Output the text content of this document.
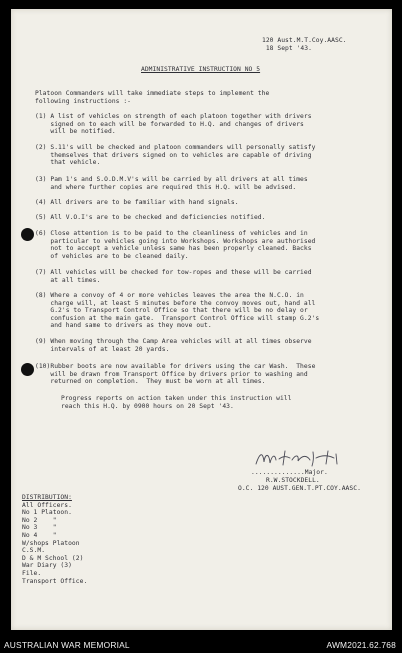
120 Aust.M.T.Coy.AASC.
18 Sept '43.
ADMINISTRATIVE INSTRUCTION NO 5
Platoon Commanders will take immediate steps to implement the
following instructions :-
(1) A list of vehicles on strength of each platoon together with drivers
signed on to each will be forwarded to H.Q. and changes of drivers
will be notified.
(2) S.11's will be checked and platoon commanders will personally satisfy
themselves that drivers signed on to vehicles are capable of driving
that vehicle.
(3) Pam 1's and S.O.D.M.V's will be carried by all drivers at all times
and where further copies are required this H.Q. will be advised.
(4) All drivers are to be familiar with hand signals.
(5) All V.O.I's are to be checked and deficiencies notified.
(6) Close attention is to be paid to the cleanliness of vehicles and in
particular to vehicles going into Workshops. Workshops are authorised
not to accept a vehicle unless same has been properly cleaned. Backs
of vehicles are to be cleaned daily.
(7) All vehicles will be checked for tow-ropes and these will be carried
at all times.
(8) Where a convoy of 4 or more vehicles leaves the area the N.C.O. in
charge will, at least 5 minutes before the convoy moves out, hand all
G.2's to Transport Control Office so that there will be no delay or
confusion at the main gate.  Transport Control Office will stamp G.2's
and hand same to drivers as they move out.
(9) When moving through the Camp Area vehicles will at all times observe
intervals of at least 20 yards.
(10)Rubber boots are now available for drivers using the car Wash.  These
will be drawn from Transport Office by drivers prior to washing and
returned on completion.  They must be worn at all times.
Progress reports on action taken under this instruction will
reach this H.Q. by 0900 hours on 20 Sept '43.
..............Major.
R.W.STOCKDELL.
O.C. 120 AUST.GEN.T.PT.COY.AASC.
DISTRIBUTION:
All Officers.
No 1 Platoon.
No 2    "
No 3    "
No 4    "
W/shops Platoon
C.S.M.
D & M School (2)
War Diary (3)
File.
Transport Office.
AUSTRALIAN WAR MEMORIAL	AWM2021.62.768
